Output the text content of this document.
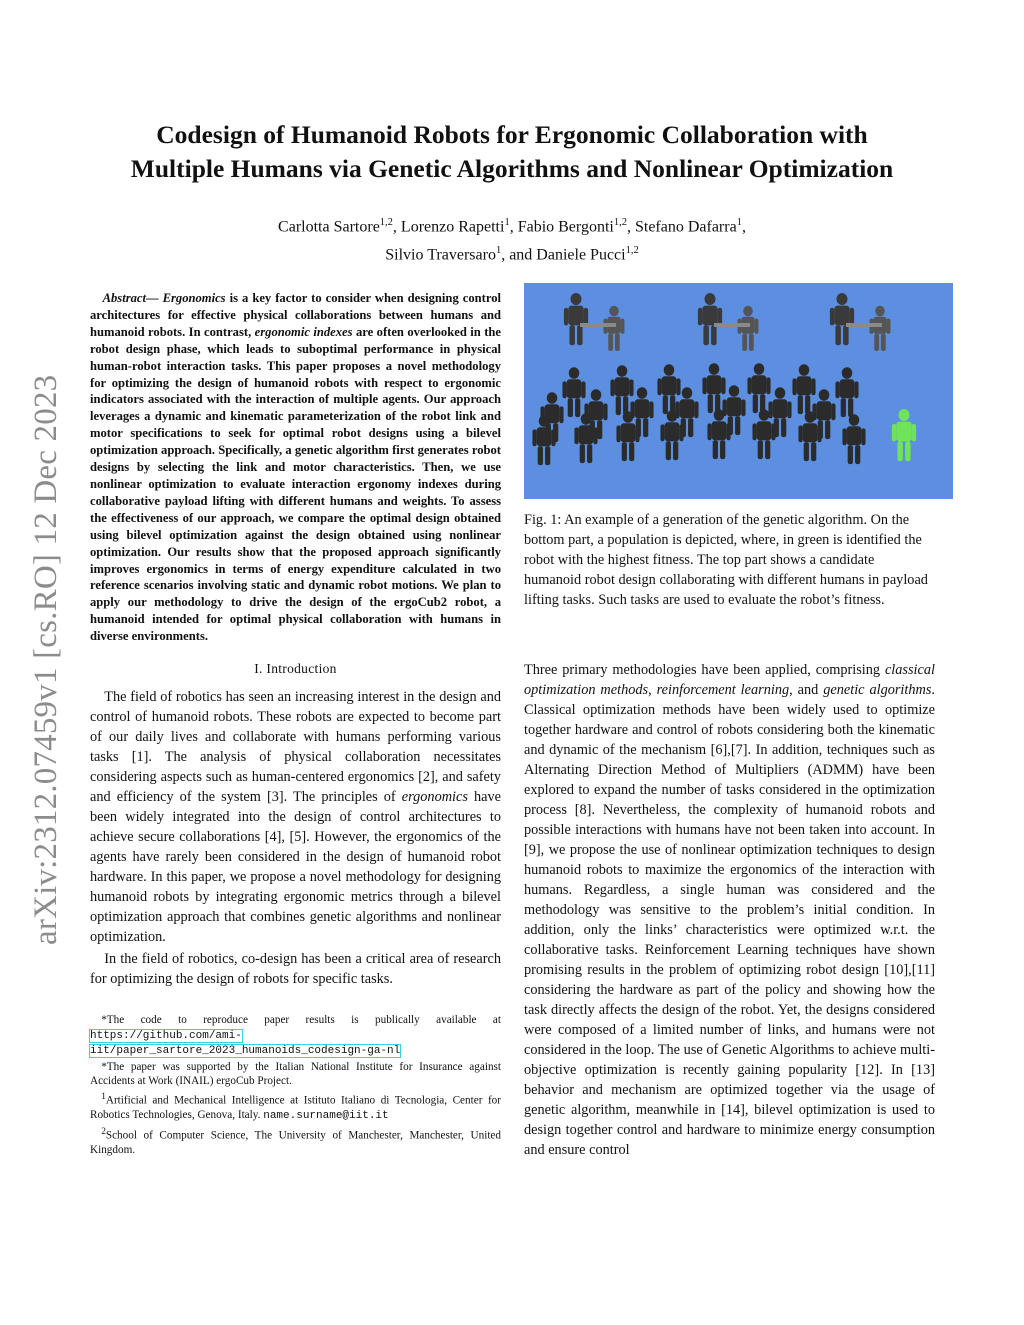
arXiv:2312.07459v1 [cs.RO] 12 Dec 2023
Codesign of Humanoid Robots for Ergonomic Collaboration with
Multiple Humans via Genetic Algorithms and Nonlinear Optimization
Carlotta Sartore$^{1,2}$, Lorenzo Rapetti$^1$, Fabio Bergonti$^{1,2}$, Stefano Dafarra$^1$,
Silvio Traversaro$^1$, and Daniele Pucci$^{1,2}$

Abstract— Ergonomics is a key factor to consider when designing control architectures for effective physical collaborations between humans and humanoid robots. In contrast, ergonomic indexes are often overlooked in the robot design phase, which leads to suboptimal performance in physical human-robot interaction tasks. This paper proposes a novel methodology for optimizing the design of humanoid robots with respect to ergonomic indicators associated with the interaction of multiple agents. Our approach leverages a dynamic and kinematic parameterization of the robot link and motor specifications to seek for optimal robot designs using a bilevel optimization approach. Specifically, a genetic algorithm first generates robot designs by selecting the link and motor characteristics. Then, we use nonlinear optimization to evaluate interaction ergonomy indexes during collaborative payload lifting with different humans and weights. To assess the effectiveness of our approach, we compare the optimal design obtained using bilevel optimization against the design obtained using nonlinear optimization. Our results show that the proposed approach significantly improves ergonomics in terms of energy expenditure calculated in two reference scenarios involving static and dynamic robot motions. We plan to apply our methodology to drive the design of the ergoCub2 robot, a humanoid intended for optimal physical collaboration with humans in diverse environments.

I. Introduction

The field of robotics has seen an increasing interest in the design and control of humanoid robots. These robots are expected to become part of our daily lives and collaborate with humans performing various tasks [1]. The analysis of physical collaboration necessitates considering aspects such as human-centered ergonomics [2], and safety and efficiency of the system [3]. The principles of ergonomics have been widely integrated into the design of control architectures to achieve secure collaborations [4], [5]. However, the ergonomics of the agents have rarely been considered in the design of humanoid robot hardware. In this paper, we propose a novel methodology for designing humanoid robots by integrating ergonomic metrics through a bilevel optimization approach that combines genetic algorithms and nonlinear optimization.

In the field of robotics, co-design has been a critical area of research for optimizing the design of robots for specific tasks.

*The code to reproduce paper results is publically available at https://github.com/ami-iit/paper_sartore_2023_humanoids_codesign-ga-nl

*The paper was supported by the Italian National Institute for Insurance against Accidents at Work (INAIL) ergoCub Project.

$^1$Artificial and Mechanical Intelligence at Istituto Italiano di Tecnologia, Center for Robotics Technologies, Genova, Italy. name.surname@iit.it

$^2$School of Computer Science, The University of Manchester, Manchester, United Kingdom.

Fig. 1: An example of a generation of the genetic algorithm. On the bottom part, a population is depicted, where, in green is identified the robot with the highest fitness. The top part shows a candidate humanoid robot design collaborating with different humans in payload lifting tasks. Such tasks are used to evaluate the robot’s fitness.

Three primary methodologies have been applied, comprising classical optimization methods, reinforcement learning, and genetic algorithms. Classical optimization methods have been widely used to optimize together hardware and control of robots considering both the kinematic and dynamic of the mechanism [6],[7]. In addition, techniques such as Alternating Direction Method of Multipliers (ADMM) have been explored to expand the number of tasks considered in the optimization process [8]. Nevertheless, the complexity of humanoid robots and possible interactions with humans have not been taken into account. In [9], we propose the use of nonlinear optimization techniques to design humanoid robots to maximize the ergonomics of the interaction with humans. Regardless, a single human was considered and the methodology was sensitive to the problem’s initial condition. In addition, only the links’ characteristics were optimized w.r.t. the collaborative tasks. Reinforcement Learning techniques have shown promising results in the problem of optimizing robot design [10],[11] considering the hardware as part of the policy and showing how the task directly affects the design of the robot. Yet, the designs considered were composed of a limited number of links, and humans were not considered in the loop. The use of Genetic Algorithms to achieve multi-objective optimization is recently gaining popularity [12]. In [13] behavior and mechanism are optimized together via the usage of genetic algorithm, meanwhile in [14], bilevel optimization is used to design together control and hardware to minimize energy consumption and ensure control
